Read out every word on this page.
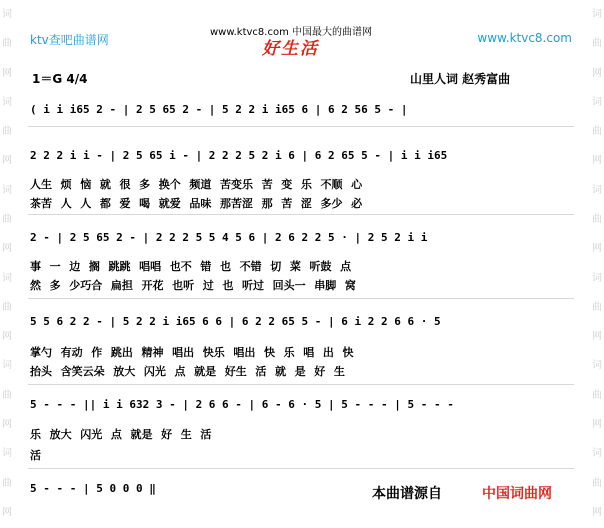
词
曲
网
词
曲
网
词
曲
网
词
曲
网
词
曲
网
词
曲
网
词
曲
网
词
曲
网
词
曲
网
词
曲
网
词
曲
网
词
曲
网
ktv查吧曲谱网
www.ktvc8.com 中国最大的曲谱网	www.ktvc8.com
好生活
1＝G 4/4	山里人词 赵秀富曲
( i i i65 2 - | 2 5 65 2 - | 5 2 2 i i65 6 | 6 2 56 5 - |
2 2 2 i i - | 2 5 65 i - | 2 2 2 5 2 i 6 | 6 2 65 5 - | i i i65
人生 烦 恼 就 很 多 换个 频道 苦变乐 苦 变 乐 不顺 心
茶苦 人 人 都 爱 喝 就爱 品味 那苦涩 那 苦 涩 多少 必
2 - | 2 5 65 2 - | 2 2 2 5 5 4 5 6 | 2 6 2 2 5 · | 2 5 2 i i
事 一 边 搁 跳跳 唱唱 也不 错 也 不错 切 菜 听鼓 点
然 多 少巧合 扁担 开花 也听 过 也 听过 回头一 串脚 窝
5 5 6 2 2 - | 5 2 2 i i65 6 6 | 6 2 2 65 5 - | 6 i 2 2 6 6 · 5
掌勺 有动 作 跳出 精神 唱出 快乐 唱出 快 乐 唱 出 快
抬头 含笑云朵 放大 闪光 点 就是 好生 活 就 是 好 生
5 - - - || i i 632 3 - | 2 6 6 - | 6 - 6 · 5 | 5 - - - | 5 - - -
乐 放大 闪光 点 就是 好 生 活
活
5 - - - | 5 0 0 0 ‖	本曲谱源自	中国词曲网
